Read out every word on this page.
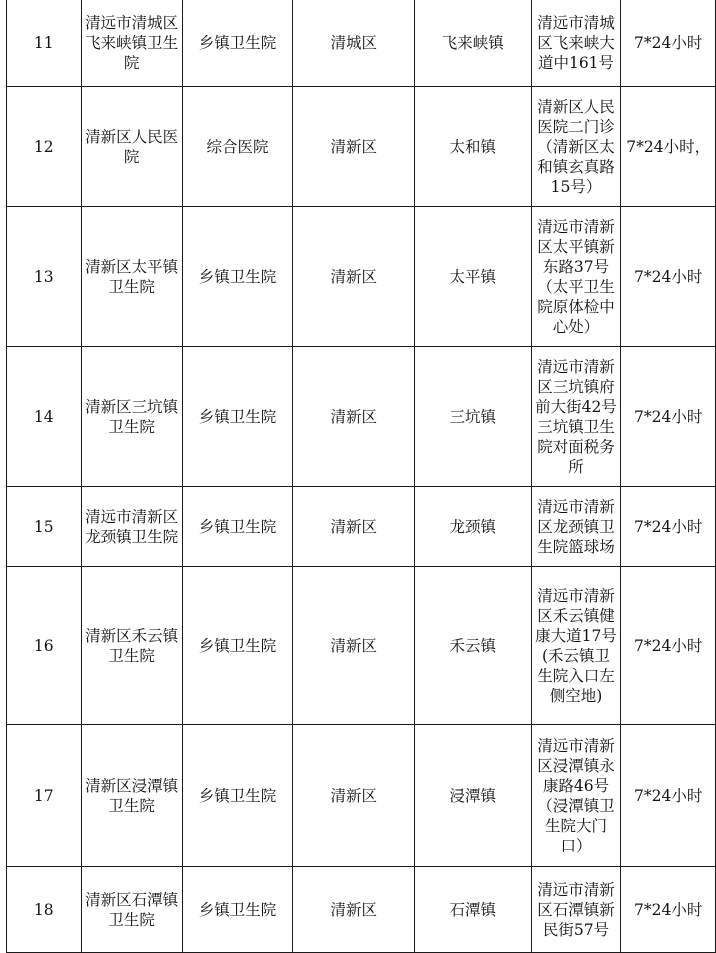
11	清远市清城区飞来峡镇卫生院	乡镇卫生院	清城区	飞来峡镇	清远市清城区飞来峡大道中161号	7*24小时
12	清新区人民医院	综合医院	清新区	太和镇	清新区人民医院二门诊（清新区太和镇玄真路15号）	7*24小时，
13	清新区太平镇卫生院	乡镇卫生院	清新区	太平镇	清远市清新区太平镇新东路37号（太平卫生院原体检中心处）	7*24小时
14	清新区三坑镇卫生院	乡镇卫生院	清新区	三坑镇	清远市清新区三坑镇府前大街42号三坑镇卫生院对面税务所	7*24小时
15	清远市清新区龙颈镇卫生院	乡镇卫生院	清新区	龙颈镇	清远市清新区龙颈镇卫生院篮球场	7*24小时
16	清新区禾云镇卫生院	乡镇卫生院	清新区	禾云镇	清远市清新区禾云镇健康大道17号(禾云镇卫生院入口左侧空地)	7*24小时
17	清新区浸潭镇卫生院	乡镇卫生院	清新区	浸潭镇	清远市清新区浸潭镇永康路46号（浸潭镇卫生院大门口）	7*24小时
18	清新区石潭镇卫生院	乡镇卫生院	清新区	石潭镇	清远市清新区石潭镇新民街57号	7*24小时
